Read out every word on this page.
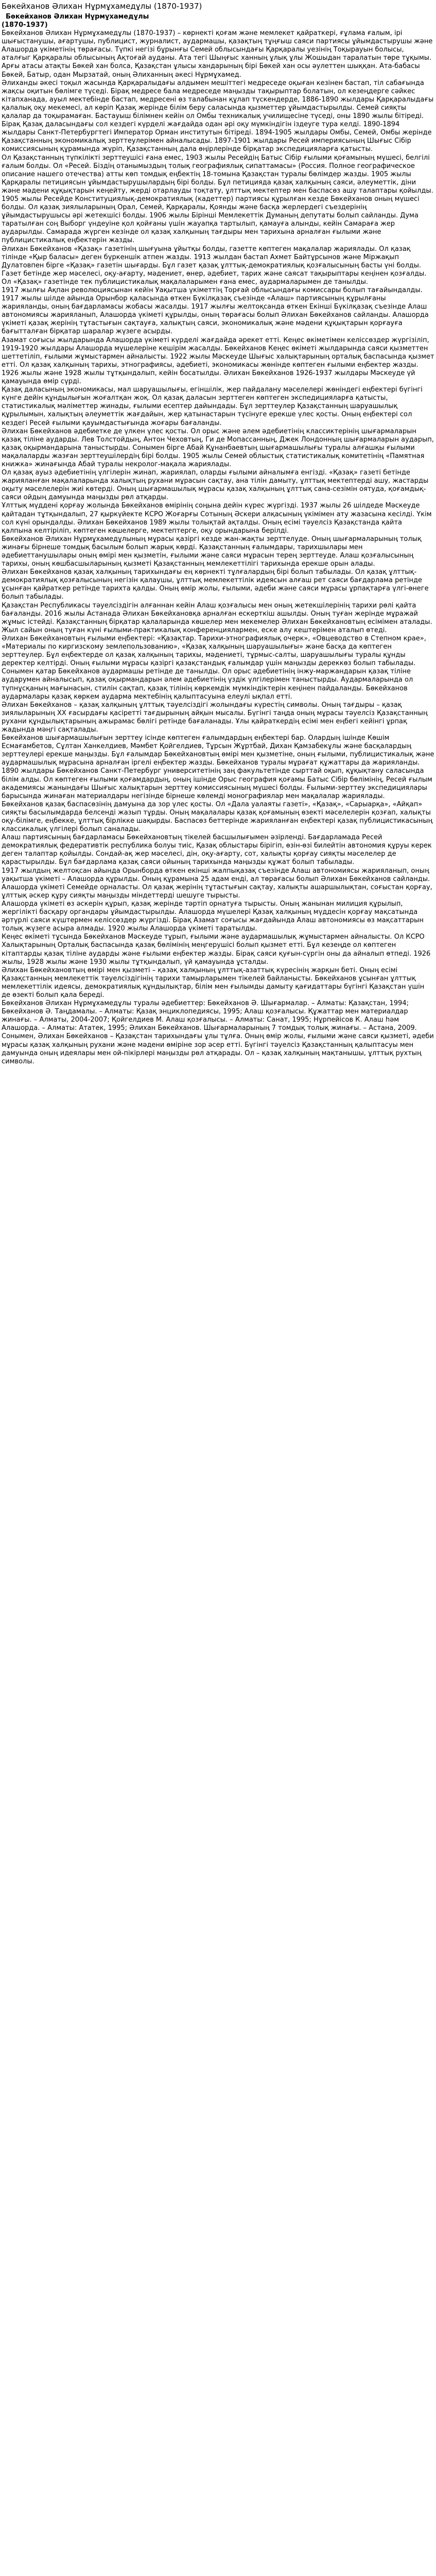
Бөкейханов Әлихан Нұрмұхамедұлы (1870-1937)
Бөкейханов Әлихан Нұрмұхамедұлы
(1870-1937)

Бөкейханов Әлихан Нұрмұхамедұлы (1870-1937) – көрнекті қоғам және мемлекет қайраткері, ғұлама ғалым, ірі шығыстанушы, ағартушы, публицист, журналист, аудармашы, қазақтың тұңғыш саяси партиясы ұйымдастырушы және Алашорда үкіметінің төрағасы. Түпкі негізі бұрынғы Семей облысындағы Қарқаралы уезінің Тоқырауын болысы, аталғыг Қарқаралы облысының Ақтоғай ауданы. Ата тегі Шыңғыс ханның ұлық ұлы Жошыдан таралатын төре тұқымы. Арғы атасы атақты Бөкей хан болса, Қазақстан ұлысы хандарының бірі Бөкей хан осы әулеттен шыққан. Ата-бабасы Бөкей, Батыр, одан Мырзатай, оның Әлиханның әкесі Нұрмұхамед.

Әлиханды әкесі тоқыл жасында Қарқаралыдағы алдымен мешіттегі медреседе оқыған кезінен бастап, тіл сабағында жақсы оқитын бөлімге түседі. Бірақ медресе бала медреседе маңызды тақырыптар болатын, ол кезеңдерге сәйкес кітапханада, ауыл мектебінде бастап, медресені өз талабынан құлап түскендерде, 1886-1890 жылдары Қарқаралыдағы қалалық оқу мекемесі, ал көріп Қазақ жерінде білім беру саласында қызметтер ұйымдастырылды. Семей сияқты қалалар да тоқырамаған. Бастауыш білімнен кейін ол Омбы техникалық училищесіне түседі, оны 1890 жылы бітіреді. Бірақ Қазақ даласындағы сол кездегі күрделі жағдайда одан әрі оқу мүмкіндігін іздеуге тура келді. 1890-1894 жылдары Санкт-Петербургтегі Император Орман институтын бітіреді. 1894-1905 жылдары Омбы, Семей, Омбы жерінде Қазақстанның экономикалық зерттеулерімен айналысады. 1897-1901 жылдары Ресей империясының Шығыс Сібір комиссиясының құрамында жүріп, Қазақстанның дала өңірлерінде бірқатар экспедицияларға қатысты.

Ол Қазақстанның түпкілікті зерттеушісі ғана емес, 1903 жылы Ресейдің Батыс Сібір ғылыми қоғамының мүшесі, белгілі ғалым болды. Ол «Ресей. Біздің отанымыздың толық географиялық сипаттамасы» (Россия. Полное географическое описание нашего отечества) атты көп томдық еңбектің 18-томына Қазақстан туралы бөлімдер жазды. 1905 жылы Қарқаралы петициясын ұйымдастырушылардың бірі болды. Бұл петицияда қазақ халқының саяси, әлеуметтік, діни және мәдени құқықтарын кеңейту, жерді отарлауды тоқтату, ұлттық мектептер мен баспасөз ашу талаптары қойылды.

1905 жылы Ресейде Конституциялық-демократиялық (кадеттер) партиясы құрылған кезде Бөкейханов оның мүшесі болды. Ол қазақ зиялыларының Орал, Семей, Қарқаралы, Қоянды және басқа жерлердегі съездерінің ұйымдастырушысы әрі жетекшісі болды. 1906 жылы Бірінші Мемлекеттік Думаның депутаты болып сайланды. Дума таратылған соң Выборг үндеуіне қол қойғаны үшін жауапқа тартылып, қамауға алынды, кейін Самараға жер аударылды. Самарада жүрген кезінде ол қазақ халқының тағдыры мен тарихына арналған ғылыми және публицистикалық еңбектерін жазды.

Әлихан Бөкейханов «Қазақ» газетінің шығуына ұйытқы болды, газетте көптеген мақалалар жариялады. Ол қазақ тілінде «Қыр баласы» деген бүркеншік атпен жазды. 1913 жылдан бастап Ахмет Байтұрсынов және Міржақып Дулатовпен бірге «Қазақ» газетін шығарды. Бұл газет қазақ ұлттық-демократиялық қозғалысының басты үні болды. Газет бетінде жер мәселесі, оқу-ағарту, мәдениет, өнер, әдебиет, тарих және саясат тақырыптары кеңінен қозғалды. Ол «Қазақ» газетінде тек публицистикалық мақалаларымен ғана емес, аудармаларымен де танылды.

1917 жылғы Ақпан революциясынан кейін Уақытша үкіметтің Торғай облысындағы комиссары болып тағайындалды. 1917 жылы шілде айында Орынбор қаласында өткен Бүкілқазақ съезінде «Алаш» партиясының құрылғаны жарияланды, оның бағдарламасы жобасы жасалды. 1917 жылғы желтоқсанда өткен Екінші Бүкілқазақ съезінде Алаш автономиясы жарияланып, Алашорда үкіметі құрылды, оның төрағасы болып Әлихан Бөкейханов сайланды. Алашорда үкіметі қазақ жерінің тұтастығын сақтауға, халықтың саяси, экономикалық және мәдени құқықтарын қорғауға бағытталған бірқатар шаралар жүзеге асырды.

Азамат соғысы жылдарында Алашорда үкіметі күрделі жағдайда әрекет етті. Кеңес өкіметімен келіссөздер жүргізіліп, 1919-1920 жылдары Алашорда мүшелеріне кешірім жасалды. Бөкейханов Кеңес өкіметі жылдарында саяси қызметтен шеттетіліп, ғылыми жұмыстармен айналысты. 1922 жылы Мәскеуде Шығыс халықтарының орталық баспасында қызмет етті. Ол қазақ халқының тарихы, этнографиясы, әдебиеті, экономикасы жөнінде көптеген ғылыми еңбектер жазды. 1926 жылы және 1928 жылы тұтқындалып, кейін босатылды. Әлихан Бөкейханов 1926-1937 жылдары Мәскеуде үй қамауында өмір сүрді.

Қазақ даласының экономикасы, мал шаруашылығы, егіншілік, жер пайдалану мәселелері жөніндегі еңбектері бүгінгі күнге дейін құндылығын жоғалтқан жоқ. Ол қазақ даласын зерттеген көптеген экспедицияларға қатысты, статистикалық мәліметтер жинады, ғылыми есептер дайындады. Бұл зерттеулер Қазақстанның шаруашылық құрылымын, халықтың әлеуметтік жағдайын, жер қатынастарын түсінуге ерекше үлес қосты. Оның еңбектері сол кездегі Ресей ғылыми қауымдастығында жоғары бағаланды.

Әлихан Бөкейханов әдебиетке де үлкен үлес қосты. Ол орыс және әлем әдебиетінің классиктерінің шығармаларын қазақ тіліне аударды. Лев Толстойдың, Антон Чеховтың, Ги де Мопассанның, Джек Лондонның шығармаларын аударып, қазақ оқырмандарына таныстырды. Сонымен бірге Абай Құнанбаевтың шығармашылығы туралы алғашқы ғылыми мақалаларды жазған зерттеушілердің бірі болды. 1905 жылы Семей облыстық статистикалық комитетінің «Памятная книжка» жинағында Абай туралы некролог-мақала жариялады.

Ол қазақ ауыз әдебиетінің үлгілерін жинап, жариялап, оларды ғылыми айналымға енгізді. «Қазақ» газеті бетінде жарияланған мақалаларында халықтың рухани мұрасын сақтау, ана тілін дамыту, ұлттық мектептерді ашу, жастарды оқыту мәселелерін жиі көтерді. Оның шығармашылық мұрасы қазақ халқының ұлттық сана-сезімін оятуда, қоғамдық-саяси ойдың дамуында маңызды рөл атқарды.

Ұлттық мүддені қорғау жолында Бөкейханов өмірінің соңына дейін күрес жүргізді. 1937 жылы 26 шілдеде Мәскеуде қайтадан тұтқындалып, 27 қыркүйекте КСРО Жоғарғы Сотының Әскери алқасының үкімімен ату жазасына кесілді. Үкім сол күні орындалды. Әлихан Бөкейханов 1989 жылы толықтай ақталды. Оның есімі тәуелсіз Қазақстанда қайта қалпына келтіріліп, көптеген көшелерге, мектептерге, оқу орындарына берілді.

Бөкейханов Әлихан Нұрмұхамедұлының мұрасы қазіргі кезде жан-жақты зерттелуде. Оның шығармаларының толық жинағы бірнеше томдық басылым болып жарық көрді. Қазақстанның ғалымдары, тарихшылары мен әдебиеттанушылары оның өмірі мен қызметін, ғылыми және саяси мұрасын терең зерттеуде. Алаш қозғалысының тарихы, оның көшбасшыларының қызметі Қазақстанның мемлекеттілігі тарихында ерекше орын алады.

Әлихан Бөкейханов қазақ халқының тарихындағы ең көрнекті тұлғалардың бірі болып табылады. Ол қазақ ұлттық-демократиялық қозғалысының негізін қалаушы, ұлттық мемлекеттілік идеясын алғаш рет саяси бағдарлама ретінде ұсынған қайраткер ретінде тарихта қалды. Оның өмір жолы, ғылыми, әдеби және саяси мұрасы ұрпақтарға үлгі-өнеге болып табылады.

Қазақстан Республикасы тәуелсіздігін алғаннан кейін Алаш қозғалысы мен оның жетекшілерінің тарихи рөлі қайта бағаланды. 2016 жылы Астанада Әлихан Бөкейхановқа арналған ескерткіш ашылды. Оның туған жерінде мұражай жұмыс істейді. Қазақстанның бірқатар қалаларында көшелер мен мекемелер Әлихан Бөкейхановтың есімімен аталады. Жыл сайын оның туған күні ғылыми-практикалық конференциялармен, еске алу кештерімен аталып өтеді.

Әлихан Бөкейхановтың ғылыми еңбектері: «Қазақтар. Тарихи-этнографиялық очерк», «Овцеводство в Степном крае», «Материалы по киргизскому землепользованию», «Қазақ халқының шаруашылығы» және басқа да көптеген зерттеулер. Бұл еңбектерде ол қазақ халқының тарихы, мәдениеті, тұрмыс-салты, шаруашылығы туралы құнды деректер келтірді. Оның ғылыми мұрасы қазіргі қазақстандық ғалымдар үшін маңызды дереккөз болып табылады.

Сонымен қатар Бөкейханов аудармашы ретінде де танылды. Ол орыс әдебиетінің інжу-маржандарын қазақ тіліне аударумен айналысып, қазақ оқырмандарын әлем әдебиетінің үздік үлгілерімен таныстырды. Аудармаларында ол түпнұсқаның мағынасын, стилін сақтап, қазақ тілінің көркемдік мүмкіндіктерін кеңінен пайдаланды. Бөкейханов аудармалары қазақ көркем аударма мектебінің қалыптасуына елеулі ықпал етті.

Әлихан Бөкейханов – қазақ халқының ұлттық тәуелсіздігі жолындағы күрестің символы. Оның тағдыры – қазақ зиялыларының ХХ ғасырдағы қасіретті тағдырының айқын мысалы. Бүгінгі таңда оның мұрасы тәуелсіз Қазақстанның рухани құндылықтарының ажырамас бөлігі ретінде бағаланады. Ұлы қайраткердің есімі мен еңбегі кейінгі ұрпақ жадында мәңгі сақталады.

Бөкейханов шығармашылығын зерттеу ісінде көптеген ғалымдардың еңбектері бар. Олардың ішінде Көшім Есмағамбетов, Сұлтан Ханкелдиев, Мәмбет Қойгелдиев, Тұрсын Жұртбай, Дихан Қамзабекұлы және басқалардың зерттеулері ерекше маңызды. Бұл ғалымдар Бөкейхановтың өмірі мен қызметіне, оның ғылыми, публицистикалық және аудармашылық мұрасына арналған іргелі еңбектер жазды. Бөкейханов туралы мұрағат құжаттары да жарияланды.

1890 жылдары Бөкейханов Санкт-Петербург университетінің заң факультетінде сырттай оқып, құқықтану саласында білім алды. Ол көптеген ғылыми қоғамдардың, оның ішінде Орыс география қоғамы Батыс Сібір бөлімінің, Ресей ғылым академиясы жанындағы Шығыс халықтарын зерттеу комиссиясының мүшесі болды. Ғылыми-зерттеу экспедициялары барысында жинаған материалдары негізінде бірнеше көлемді монографиялар мен мақалалар жариялады.

Бөкейханов қазақ баспасөзінің дамуына да зор үлес қосты. Ол «Дала уалаяты газеті», «Қазақ», «Сарыарқа», «Айқап» сияқты басылымдарда белсенді жазып тұрды. Оның мақалалары қазақ қоғамының өзекті мәселелерін қозғап, халықты оқу-білімге, еңбекке, ұлттық бірлікке шақырды. Баспасөз беттерінде жарияланған еңбектері қазақ публицистикасының классикалық үлгілері болып саналады.

Алаш партиясының бағдарламасы Бөкейхановтың тікелей басшылығымен әзірленді. Бағдарламада Ресей демократиялық федеративтік республика болуы тиіс, Қазақ облыстары бірігіп, өзін-өзі билейтін автономия құруы керек деген талаптар қойылды. Сондай-ақ жер мәселесі, дін, оқу-ағарту, сот, халықты қорғау сияқты мәселелер де қарастырылды. Бұл бағдарлама қазақ саяси ойының тарихында маңызды құжат болып табылады.

1917 жылдың желтоқсан айында Орынборда өткен екінші жалпықазақ съезінде Алаш автономиясы жарияланып, оның уақытша үкіметі – Алашорда құрылды. Оның құрамына 25 адам енді, ал төрағасы болып Әлихан Бөкейханов сайланды. Алашорда үкіметі Семейде орналасты. Ол қазақ жерінің тұтастығын сақтау, халықты ашаршылықтан, соғыстан қорғау, ұлттық әскер құру сияқты маңызды міндеттерді шешуге тырысты.

Алашорда үкіметі өз әскерін құрып, қазақ жерінде тәртіп орнатуға тырысты. Оның жанынан милиция құрылып, жергілікті басқару органдары ұйымдастырылды. Алашорда мүшелері Қазақ халқының мүддесін қорғау мақсатында әртүрлі саяси күштермен келіссөздер жүргізді. Бірақ Азамат соғысы жағдайында Алаш автономиясы өз мақсаттарын толық жүзеге асыра алмады. 1920 жылы Алашорда үкіметі таратылды.

Кеңес өкіметі тұсында Бөкейханов Мәскеуде тұрып, ғылыми және аудармашылық жұмыстармен айналысты. Ол КСРО Халықтарының Орталық баспасында қазақ бөлімінің меңгерушісі болып қызмет етті. Бұл кезеңде ол көптеген кітаптарды қазақ тіліне аударды және ғылыми еңбектер жазды. Бірақ саяси қуғын-сүргін оны да айналып өтпеді. 1926 жылы, 1928 жылы және 1930 жылы тұтқындалып, үй қамауында ұсталды.

Әлихан Бөкейхановтың өмірі мен қызметі – қазақ халқының ұлттық-азаттық күресінің жарқын беті. Оның есімі Қазақстанның мемлекеттік тәуелсіздігінің тарихи тамырларымен тікелей байланысты. Бөкейханов ұсынған ұлттық мемлекеттілік идеясы, демократиялық құндылықтар, білім мен ғылымды дамыту қағидаттары бүгінгі Қазақстан үшін де өзекті болып қала береді.

Бөкейханов Әлихан Нұрмұхамедұлы туралы әдебиеттер: Бөкейханов Ә. Шығармалар. – Алматы: Қазақстан, 1994; Бөкейханов Ә. Таңдамалы. – Алматы: Қазақ энциклопедиясы, 1995; Алаш қозғалысы. Құжаттар мен материалдар жинағы. – Алматы, 2004-2007; Қойгелдиев М. Алаш қозғалысы. – Алматы: Санат, 1995; Нұрпейісов К. Алаш һәм Алашорда. – Алматы: Ататек, 1995; Әлихан Бөкейханов. Шығармаларының 7 томдық толық жинағы. – Астана, 2009.

Сонымен, Әлихан Бөкейханов – Қазақстан тарихындағы ұлы тұлға. Оның өмір жолы, ғылыми және саяси қызметі, әдеби мұрасы қазақ халқының рухани және мәдени өміріне зор әсер етті. Бүгінгі тәуелсіз Қазақстанның қалыптасуы мен дамуында оның идеялары мен ой-пікірлері маңызды рөл атқарады. Ол – қазақ халқының мақтанышы, ұлттық рухтың символы.
